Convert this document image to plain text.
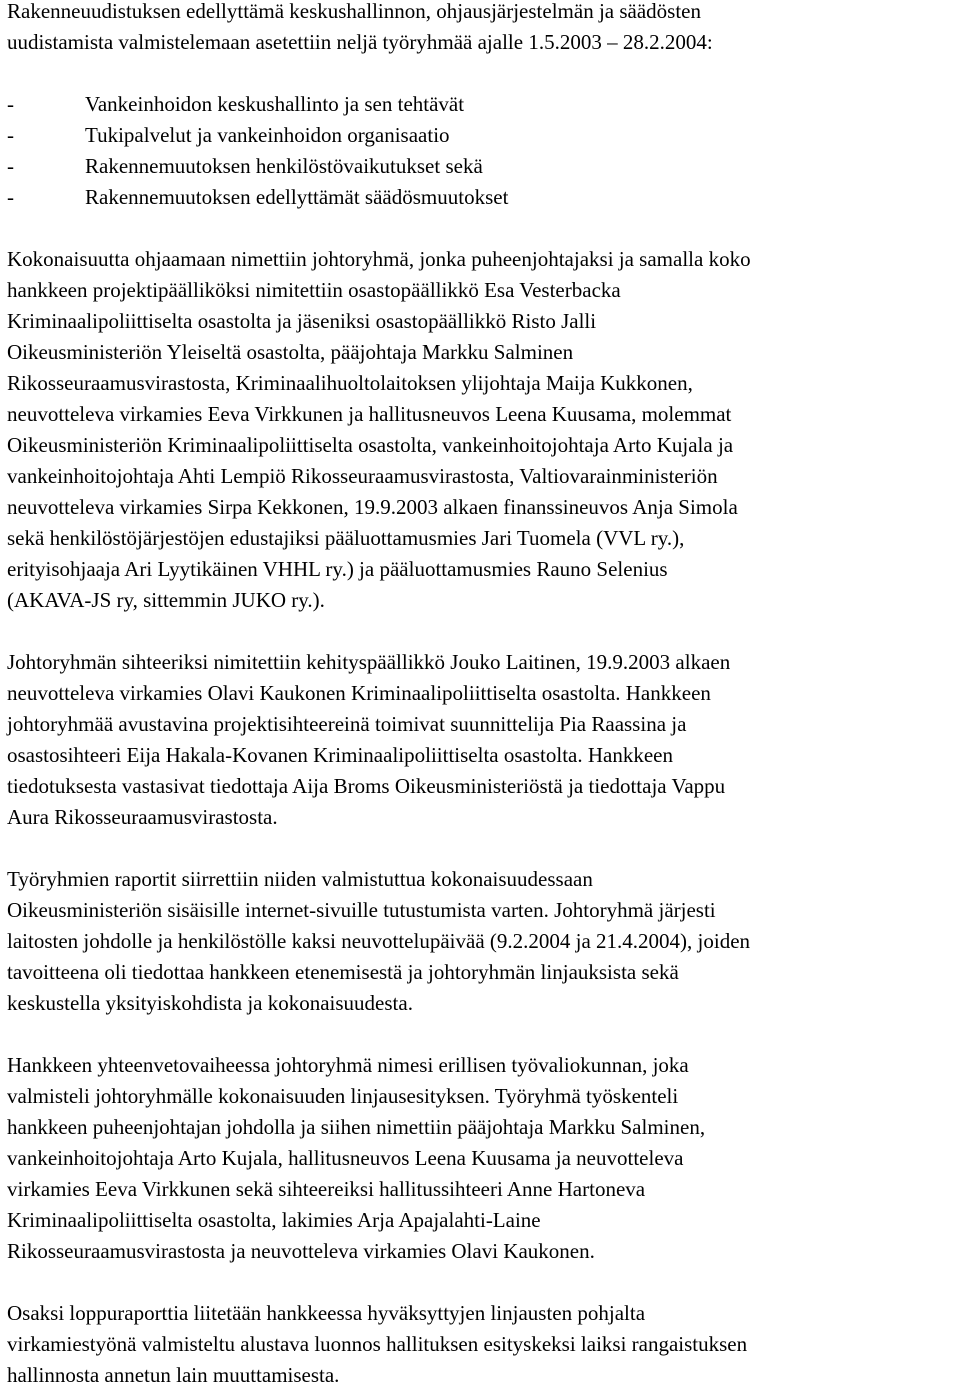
Rakenneuudistuksen edellyttämä keskushallinnon, ohjausjärjestelmän ja säädösten
uudistamista valmistelemaan asetettiin neljä työryhmää ajalle 1.5.2003 – 28.2.2004:
-	Vankeinhoidon keskushallinto ja sen tehtävät
-	Tukipalvelut ja vankeinhoidon organisaatio
-	Rakennemuutoksen henkilöstövaikutukset sekä
-	Rakennemuutoksen edellyttämät säädösmuutokset
Kokonaisuutta ohjaamaan nimettiin johtoryhmä, jonka puheenjohtajaksi ja samalla koko
hankkeen projektipäälliköksi nimitettiin osastopäällikkö Esa Vesterbacka
Kriminaalipoliittiselta osastolta ja jäseniksi osastopäällikkö Risto Jalli
Oikeusministeriön Yleiseltä osastolta, pääjohtaja Markku Salminen
Rikosseuraamusvirastosta, Kriminaalihuoltolaitoksen ylijohtaja Maija Kukkonen,
neuvotteleva virkamies Eeva Virkkunen ja hallitusneuvos Leena Kuusama, molemmat
Oikeusministeriön Kriminaalipoliittiselta osastolta, vankeinhoitojohtaja Arto Kujala ja
vankeinhoitojohtaja Ahti Lempiö Rikosseuraamusvirastosta, Valtiovarainministeriön
neuvotteleva virkamies Sirpa Kekkonen, 19.9.2003 alkaen finanssineuvos Anja Simola
sekä henkilöstöjärjestöjen edustajiksi pääluottamusmies Jari Tuomela (VVL ry.),
erityisohjaaja Ari Lyytikäinen VHHL ry.) ja pääluottamusmies Rauno Selenius
(AKAVA-JS ry, sittemmin JUKO ry.).
Johtoryhmän sihteeriksi nimitettiin kehityspäällikkö Jouko Laitinen, 19.9.2003 alkaen
neuvotteleva virkamies Olavi Kaukonen Kriminaalipoliittiselta osastolta. Hankkeen
johtoryhmää avustavina projektisihteereinä toimivat suunnittelija Pia Raassina ja
osastosihteeri Eija Hakala-Kovanen Kriminaalipoliittiselta osastolta. Hankkeen
tiedotuksesta vastasivat tiedottaja Aija Broms Oikeusministeriöstä ja tiedottaja Vappu
Aura Rikosseuraamusvirastosta.
Työryhmien raportit siirrettiin niiden valmistuttua kokonaisuudessaan
Oikeusministeriön sisäisille internet-sivuille tutustumista varten. Johtoryhmä järjesti
laitosten johdolle ja henkilöstölle kaksi neuvottelupäivää (9.2.2004 ja 21.4.2004), joiden
tavoitteena oli tiedottaa hankkeen etenemisestä ja johtoryhmän linjauksista sekä
keskustella yksityiskohdista ja kokonaisuudesta.
Hankkeen yhteenvetovaiheessa johtoryhmä nimesi erillisen työvaliokunnan, joka
valmisteli johtoryhmälle kokonaisuuden linjausesityksen. Työryhmä työskenteli
hankkeen puheenjohtajan johdolla ja siihen nimettiin pääjohtaja Markku Salminen,
vankeinhoitojohtaja Arto Kujala, hallitusneuvos Leena Kuusama ja neuvotteleva
virkamies Eeva Virkkunen sekä sihteereiksi hallitussihteeri Anne Hartoneva
Kriminaalipoliittiselta osastolta, lakimies Arja Apajalahti-Laine
Rikosseuraamusvirastosta ja neuvotteleva virkamies Olavi Kaukonen.
Osaksi loppuraporttia liitetään hankkeessa hyväksyttyjen linjausten pohjalta
virkamiestyönä valmisteltu alustava luonnos hallituksen esityskeksi laiksi rangaistuksen
hallinnosta annetun lain muuttamisesta.
